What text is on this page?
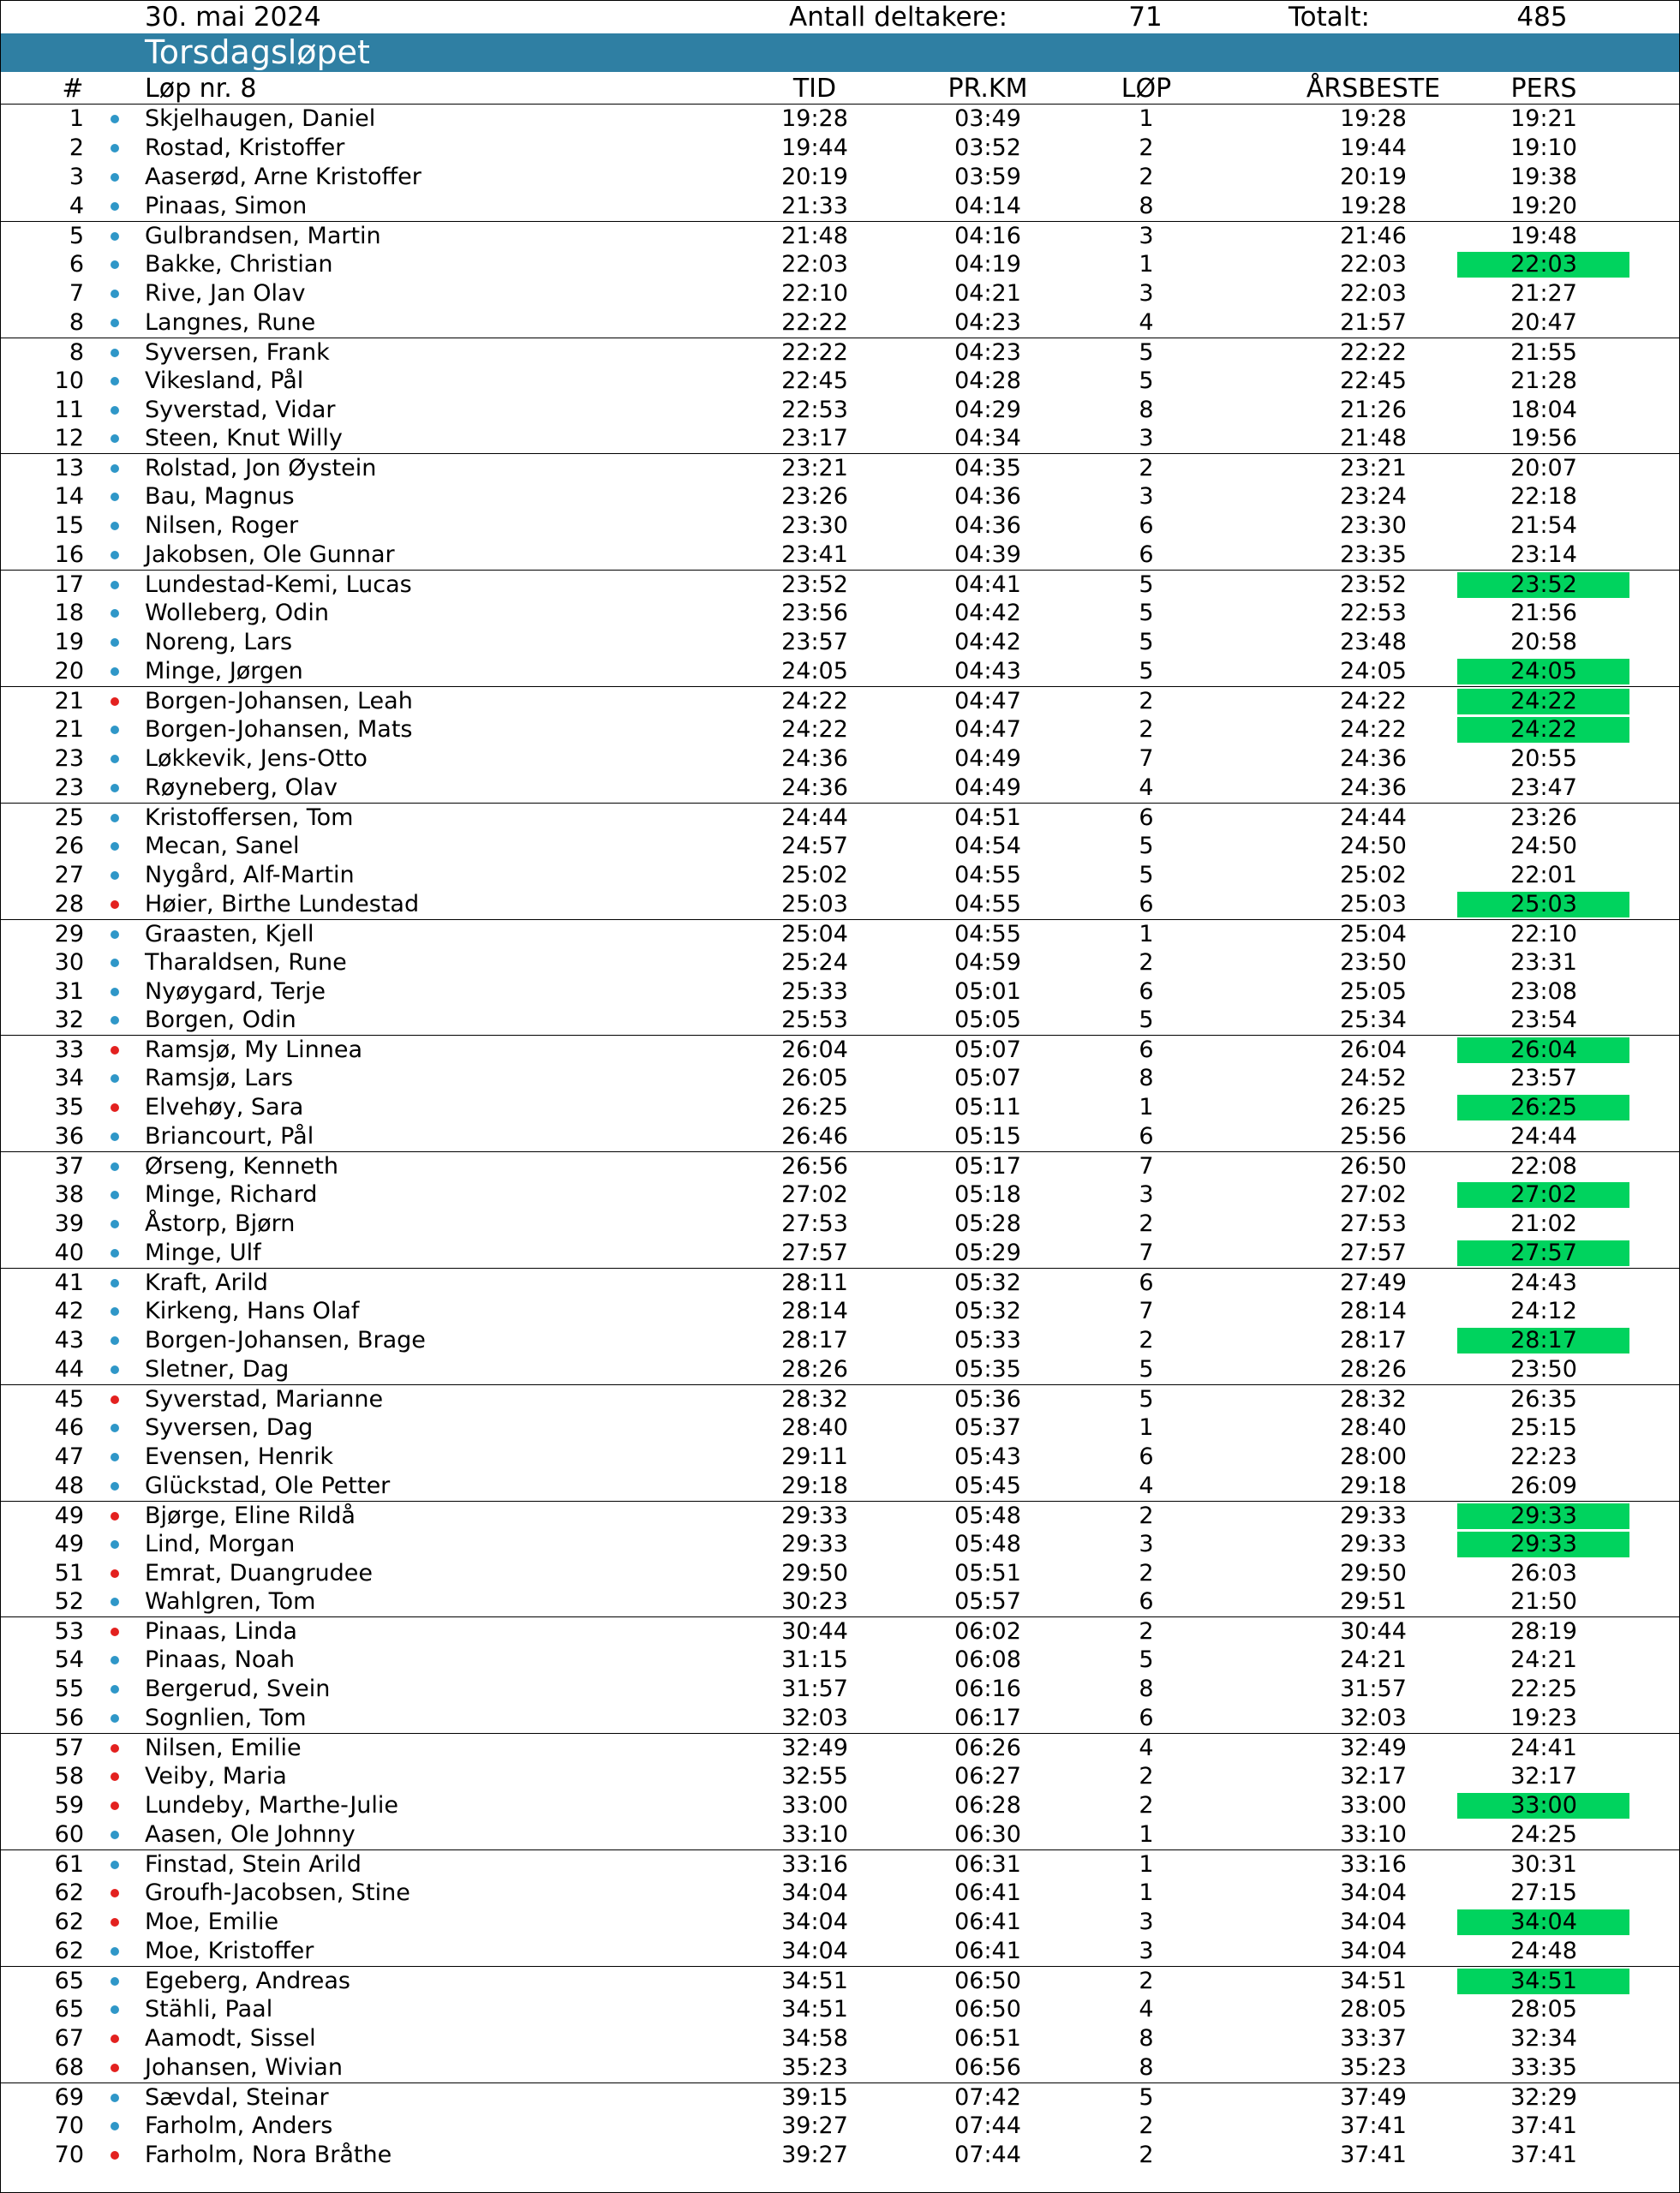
30. mai 2024	Antall deltakere:	71	Totalt:	485
Torsdagsløpet
# Løp nr. 8	TID	PR.KM	LØP	ÅRSBESTE	PERS
1	Skjelhaugen, Daniel	19:28	03:49	1	19:28	19:21
2	Rostad, Kristoffer	19:44	03:52	2	19:44	19:10
3	Aaserød, Arne Kristoffer	20:19	03:59	2	20:19	19:38
4	Pinaas, Simon	21:33	04:14	8	19:28	19:20
5	Gulbrandsen, Martin	21:48	04:16	3	21:46	19:48
6	Bakke, Christian	22:03	04:19	1	22:03	22:03
7	Rive, Jan Olav	22:10	04:21	3	22:03	21:27
8	Langnes, Rune	22:22	04:23	4	21:57	20:47
8	Syversen, Frank	22:22	04:23	5	22:22	21:55
10	Vikesland, Pål	22:45	04:28	5	22:45	21:28
11	Syverstad, Vidar	22:53	04:29	8	21:26	18:04
12	Steen, Knut Willy	23:17	04:34	3	21:48	19:56
13	Rolstad, Jon Øystein	23:21	04:35	2	23:21	20:07
14	Bau, Magnus	23:26	04:36	3	23:24	22:18
15	Nilsen, Roger	23:30	04:36	6	23:30	21:54
16	Jakobsen, Ole Gunnar	23:41	04:39	6	23:35	23:14
17	Lundestad-Kemi, Lucas	23:52	04:41	5	23:52	23:52
18	Wolleberg, Odin	23:56	04:42	5	22:53	21:56
19	Noreng, Lars	23:57	04:42	5	23:48	20:58
20	Minge, Jørgen	24:05	04:43	5	24:05	24:05
21	Borgen-Johansen, Leah	24:22	04:47	2	24:22	24:22
21	Borgen-Johansen, Mats	24:22	04:47	2	24:22	24:22
23	Løkkevik, Jens-Otto	24:36	04:49	7	24:36	20:55
23	Røyneberg, Olav	24:36	04:49	4	24:36	23:47
25	Kristoffersen, Tom	24:44	04:51	6	24:44	23:26
26	Mecan, Sanel	24:57	04:54	5	24:50	24:50
27	Nygård, Alf-Martin	25:02	04:55	5	25:02	22:01
28	Høier, Birthe Lundestad	25:03	04:55	6	25:03	25:03
29	Graasten, Kjell	25:04	04:55	1	25:04	22:10
30	Tharaldsen, Rune	25:24	04:59	2	23:50	23:31
31	Nyøygard, Terje	25:33	05:01	6	25:05	23:08
32	Borgen, Odin	25:53	05:05	5	25:34	23:54
33	Ramsjø, My Linnea	26:04	05:07	6	26:04	26:04
34	Ramsjø, Lars	26:05	05:07	8	24:52	23:57
35	Elvehøy, Sara	26:25	05:11	1	26:25	26:25
36	Briancourt, Pål	26:46	05:15	6	25:56	24:44
37	Ørseng, Kenneth	26:56	05:17	7	26:50	22:08
38	Minge, Richard	27:02	05:18	3	27:02	27:02
39	Åstorp, Bjørn	27:53	05:28	2	27:53	21:02
40	Minge, Ulf	27:57	05:29	7	27:57	27:57
41	Kraft, Arild	28:11	05:32	6	27:49	24:43
42	Kirkeng, Hans Olaf	28:14	05:32	7	28:14	24:12
43	Borgen-Johansen, Brage	28:17	05:33	2	28:17	28:17
44	Sletner, Dag	28:26	05:35	5	28:26	23:50
45	Syverstad, Marianne	28:32	05:36	5	28:32	26:35
46	Syversen, Dag	28:40	05:37	1	28:40	25:15
47	Evensen, Henrik	29:11	05:43	6	28:00	22:23
48	Glückstad, Ole Petter	29:18	05:45	4	29:18	26:09
49	Bjørge, Eline Rildå	29:33	05:48	2	29:33	29:33
49	Lind, Morgan	29:33	05:48	3	29:33	29:33
51	Emrat, Duangrudee	29:50	05:51	2	29:50	26:03
52	Wahlgren, Tom	30:23	05:57	6	29:51	21:50
53	Pinaas, Linda	30:44	06:02	2	30:44	28:19
54	Pinaas, Noah	31:15	06:08	5	24:21	24:21
55	Bergerud, Svein	31:57	06:16	8	31:57	22:25
56	Sognlien, Tom	32:03	06:17	6	32:03	19:23
57	Nilsen, Emilie	32:49	06:26	4	32:49	24:41
58	Veiby, Maria	32:55	06:27	2	32:17	32:17
59	Lundeby, Marthe-Julie	33:00	06:28	2	33:00	33:00
60	Aasen, Ole Johnny	33:10	06:30	1	33:10	24:25
61	Finstad, Stein Arild	33:16	06:31	1	33:16	30:31
62	Groufh-Jacobsen, Stine	34:04	06:41	1	34:04	27:15
62	Moe, Emilie	34:04	06:41	3	34:04	34:04
62	Moe, Kristoffer	34:04	06:41	3	34:04	24:48
65	Egeberg, Andreas	34:51	06:50	2	34:51	34:51
65	Stähli, Paal	34:51	06:50	4	28:05	28:05
67	Aamodt, Sissel	34:58	06:51	8	33:37	32:34
68	Johansen, Wivian	35:23	06:56	8	35:23	33:35
69	Sævdal, Steinar	39:15	07:42	5	37:49	32:29
70	Farholm, Anders	39:27	07:44	2	37:41	37:41
70	Farholm, Nora Bråthe	39:27	07:44	2	37:41	37:41
